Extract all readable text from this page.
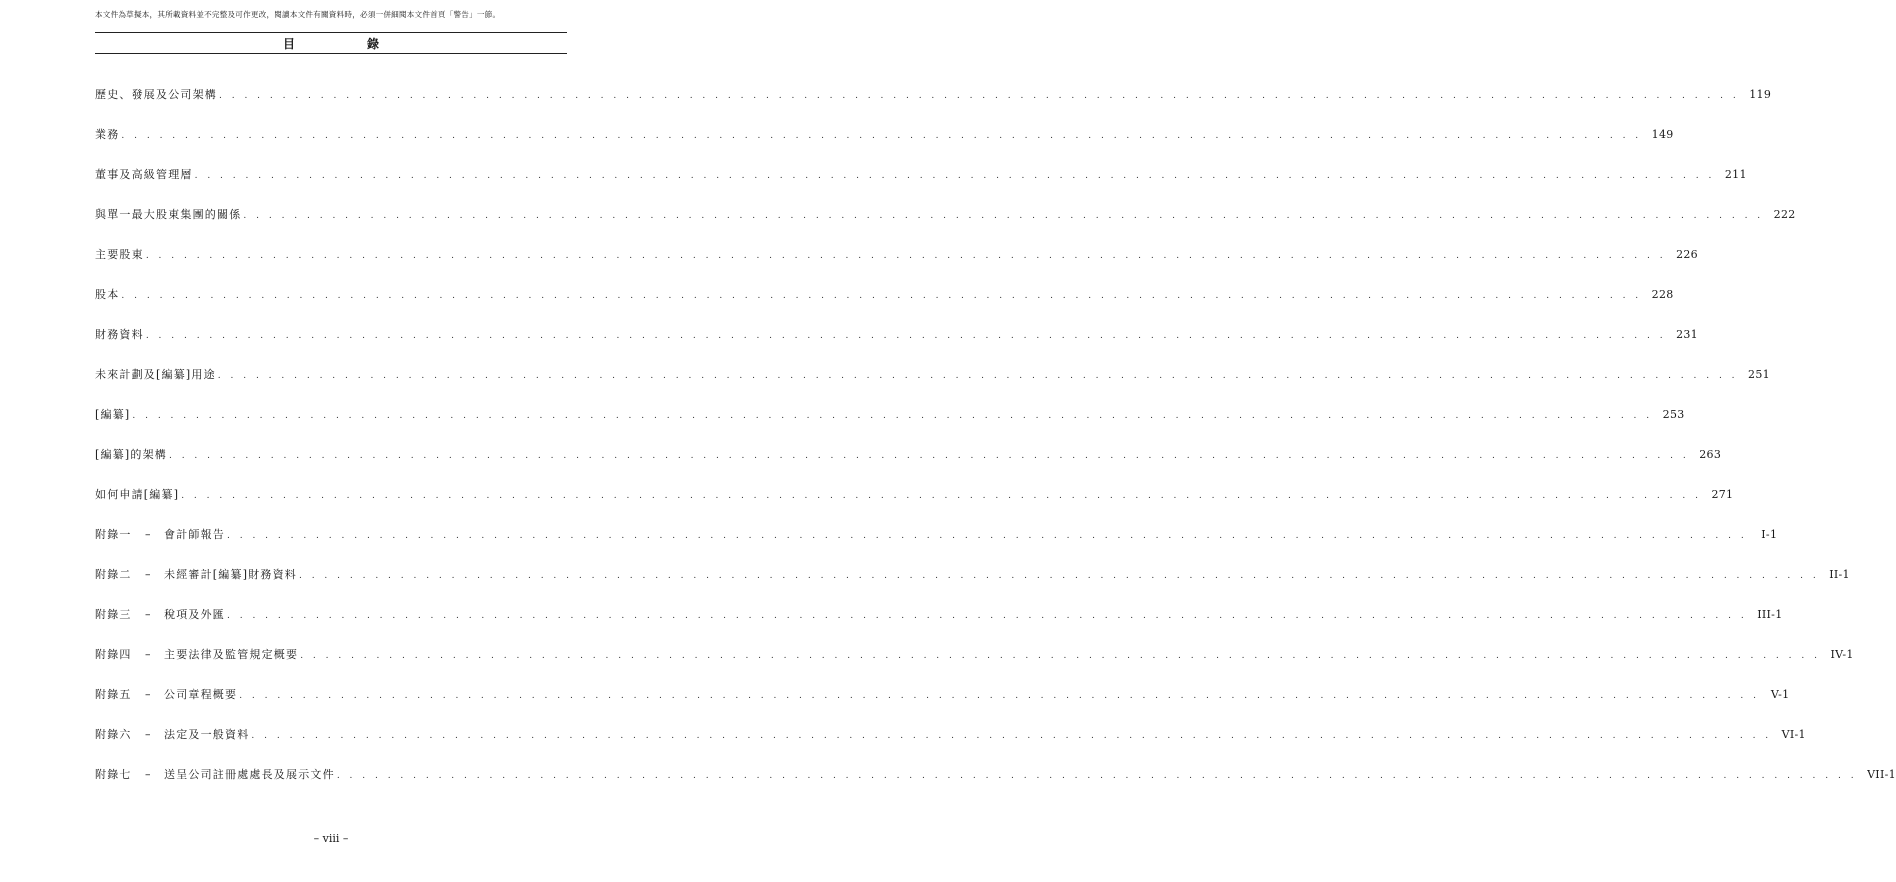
本文件為草擬本，其所載資料並不完整及可作更改，閱讀本文件有關資料時，必須一併細閱本文件首頁「警告」一節。
目　　錄
歷史、發展及公司架構 . . . . . . . . . . . . . . . . . . . . . . . . . . . . . . . . . . . . . . . . . . . . . . . . . . . . . . . . . . . . . . . . . . . . . . . . . . . . . . . . . . . . . . . . . . . . . . . . . . . . . . . . . . . . . . . . . . . . . . . . 119
業務 . . . . . . . . . . . . . . . . . . . . . . . . . . . . . . . . . . . . . . . . . . . . . . . . . . . . . . . . . . . . . . . . . . . . . . . . . . . . . . . . . . . . . . . . . . . . . . . . . . . . . . . . . . . . . . . . . . . . . . . . 149
董事及高級管理層 . . . . . . . . . . . . . . . . . . . . . . . . . . . . . . . . . . . . . . . . . . . . . . . . . . . . . . . . . . . . . . . . . . . . . . . . . . . . . . . . . . . . . . . . . . . . . . . . . . . . . . . . . . . . . . . . . . . . . . . . 211
與單一最大股東集團的關係 . . . . . . . . . . . . . . . . . . . . . . . . . . . . . . . . . . . . . . . . . . . . . . . . . . . . . . . . . . . . . . . . . . . . . . . . . . . . . . . . . . . . . . . . . . . . . . . . . . . . . . . . . . . . . . . . . . . . . . . . 222
主要股東 . . . . . . . . . . . . . . . . . . . . . . . . . . . . . . . . . . . . . . . . . . . . . . . . . . . . . . . . . . . . . . . . . . . . . . . . . . . . . . . . . . . . . . . . . . . . . . . . . . . . . . . . . . . . . . . . . . . . . . . . 226
股本 . . . . . . . . . . . . . . . . . . . . . . . . . . . . . . . . . . . . . . . . . . . . . . . . . . . . . . . . . . . . . . . . . . . . . . . . . . . . . . . . . . . . . . . . . . . . . . . . . . . . . . . . . . . . . . . . . . . . . . . . 228
財務資料 . . . . . . . . . . . . . . . . . . . . . . . . . . . . . . . . . . . . . . . . . . . . . . . . . . . . . . . . . . . . . . . . . . . . . . . . . . . . . . . . . . . . . . . . . . . . . . . . . . . . . . . . . . . . . . . . . . . . . . . . 231
未來計劃及[編纂]用途 . . . . . . . . . . . . . . . . . . . . . . . . . . . . . . . . . . . . . . . . . . . . . . . . . . . . . . . . . . . . . . . . . . . . . . . . . . . . . . . . . . . . . . . . . . . . . . . . . . . . . . . . . . . . . . . . . . . . . . . . 251
[編纂] . . . . . . . . . . . . . . . . . . . . . . . . . . . . . . . . . . . . . . . . . . . . . . . . . . . . . . . . . . . . . . . . . . . . . . . . . . . . . . . . . . . . . . . . . . . . . . . . . . . . . . . . . . . . . . . . . . . . . . . . 253
[編纂]的架構 . . . . . . . . . . . . . . . . . . . . . . . . . . . . . . . . . . . . . . . . . . . . . . . . . . . . . . . . . . . . . . . . . . . . . . . . . . . . . . . . . . . . . . . . . . . . . . . . . . . . . . . . . . . . . . . . . . . . . . . . 263
如何申請[編纂] . . . . . . . . . . . . . . . . . . . . . . . . . . . . . . . . . . . . . . . . . . . . . . . . . . . . . . . . . . . . . . . . . . . . . . . . . . . . . . . . . . . . . . . . . . . . . . . . . . . . . . . . . . . . . . . . . . . . . . . . 271
附錄一	–	會計師報告 . . . . . . . . . . . . . . . . . . . . . . . . . . . . . . . . . . . . . . . . . . . . . . . . . . . . . . . . . . . . . . . . . . . . . . . . . . . . . . . . . . . . . . . . . . . . . . . . . . . . . . . . . . . . . . . . . . . . . . . .	I-1
附錄二	–	未經審計[編纂]財務資料 . . . . . . . . . . . . . . . . . . . . . . . . . . . . . . . . . . . . . . . . . . . . . . . . . . . . . . . . . . . . . . . . . . . . . . . . . . . . . . . . . . . . . . . . . . . . . . . . . . . . . . . . . . . . . . . . . . . . . . . . II-1
附錄三	–	稅項及外匯 . . . . . . . . . . . . . . . . . . . . . . . . . . . . . . . . . . . . . . . . . . . . . . . . . . . . . . . . . . . . . . . . . . . . . . . . . . . . . . . . . . . . . . . . . . . . . . . . . . . . . . . . . . . . . . . . . . . . . . . . III-1
附錄四	–	主要法律及監管規定概要 . . . . . . . . . . . . . . . . . . . . . . . . . . . . . . . . . . . . . . . . . . . . . . . . . . . . . . . . . . . . . . . . . . . . . . . . . . . . . . . . . . . . . . . . . . . . . . . . . . . . . . . . . . . . . . . . . . . . . . . . IV-1
附錄五	–	公司章程概要 . . . . . . . . . . . . . . . . . . . . . . . . . . . . . . . . . . . . . . . . . . . . . . . . . . . . . . . . . . . . . . . . . . . . . . . . . . . . . . . . . . . . . . . . . . . . . . . . . . . . . . . . . . . . . . . . . . . . . . . . V-1
附錄六	–	法定及一般資料 . . . . . . . . . . . . . . . . . . . . . . . . . . . . . . . . . . . . . . . . . . . . . . . . . . . . . . . . . . . . . . . . . . . . . . . . . . . . . . . . . . . . . . . . . . . . . . . . . . . . . . . . . . . . . . . . . . . . . . . . VI-1
附錄七	–	送呈公司註冊處處長及展示文件 . . . . . . . . . . . . . . . . . . . . . . . . . . . . . . . . . . . . . . . . . . . . . . . . . . . . . . . . . . . . . . . . . . . . . . . . . . . . . . . . . . . . . . . . . . . . . . . . . . . . . . . . . . . . . . . . . . . . . . . . VII-1
– viii –
